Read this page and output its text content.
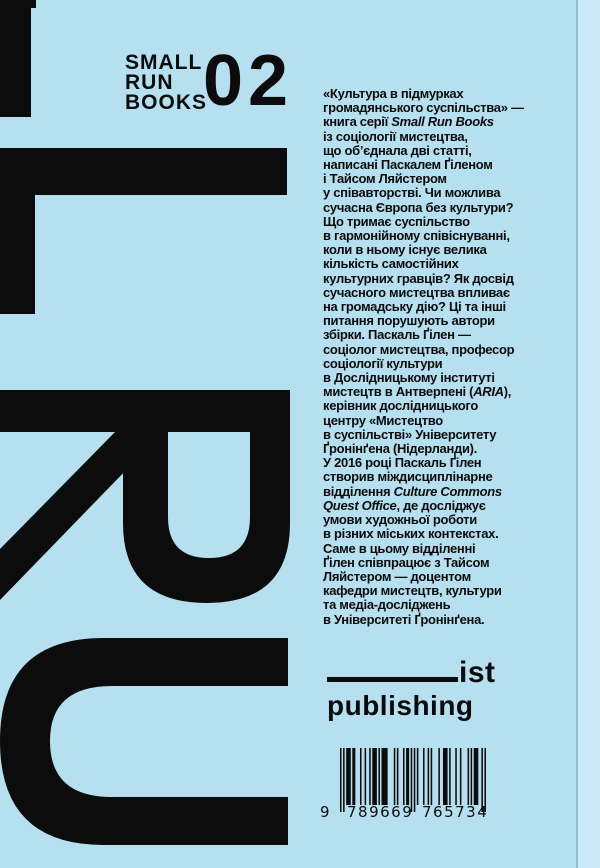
SMALL
RUN
BOOKS
02 «Культура в підмурках
громадянського суспільства» —
книга серії Small Run Books
із соціології мистецтва,
що об’єднала дві статті,
написані Паскалем Ґіленом
і Тайсом Ляйстером
у співавторстві. Чи можлива
сучасна Європа без культури?
Що тримає суспільство
в гармонійному співіснуванні,
коли в ньому існує велика
кількість самостійних
культурних гравців? Як досвід
сучасного мистецтва впливає
на громадську дію? Ці та інші
питання порушують автори
збірки. Паскаль Ґілен —
соціолог мистецтва, професор
соціології культури
в Дослідницькому інституті
мистецтв в Антверпені (ARIA),
керівник дослідницького
центру «Мистецтво
в суспільстві» Університету
Ґронінґена (Нідерланди).
У 2016 році Паскаль Ґілен
створив міждисциплінарне
відділення Culture Commons
Quest Office, де досліджує
умови художньої роботи
в різних міських контекстах.
Саме в цьому відділенні
Ґілен співпрацює з Тайсом
Ляйстером — доцентом
кафедри мистецтв, культури
та медіа-досліджень
в Університеті Ґронінґена.
ist
publishing
9 789669 765734
